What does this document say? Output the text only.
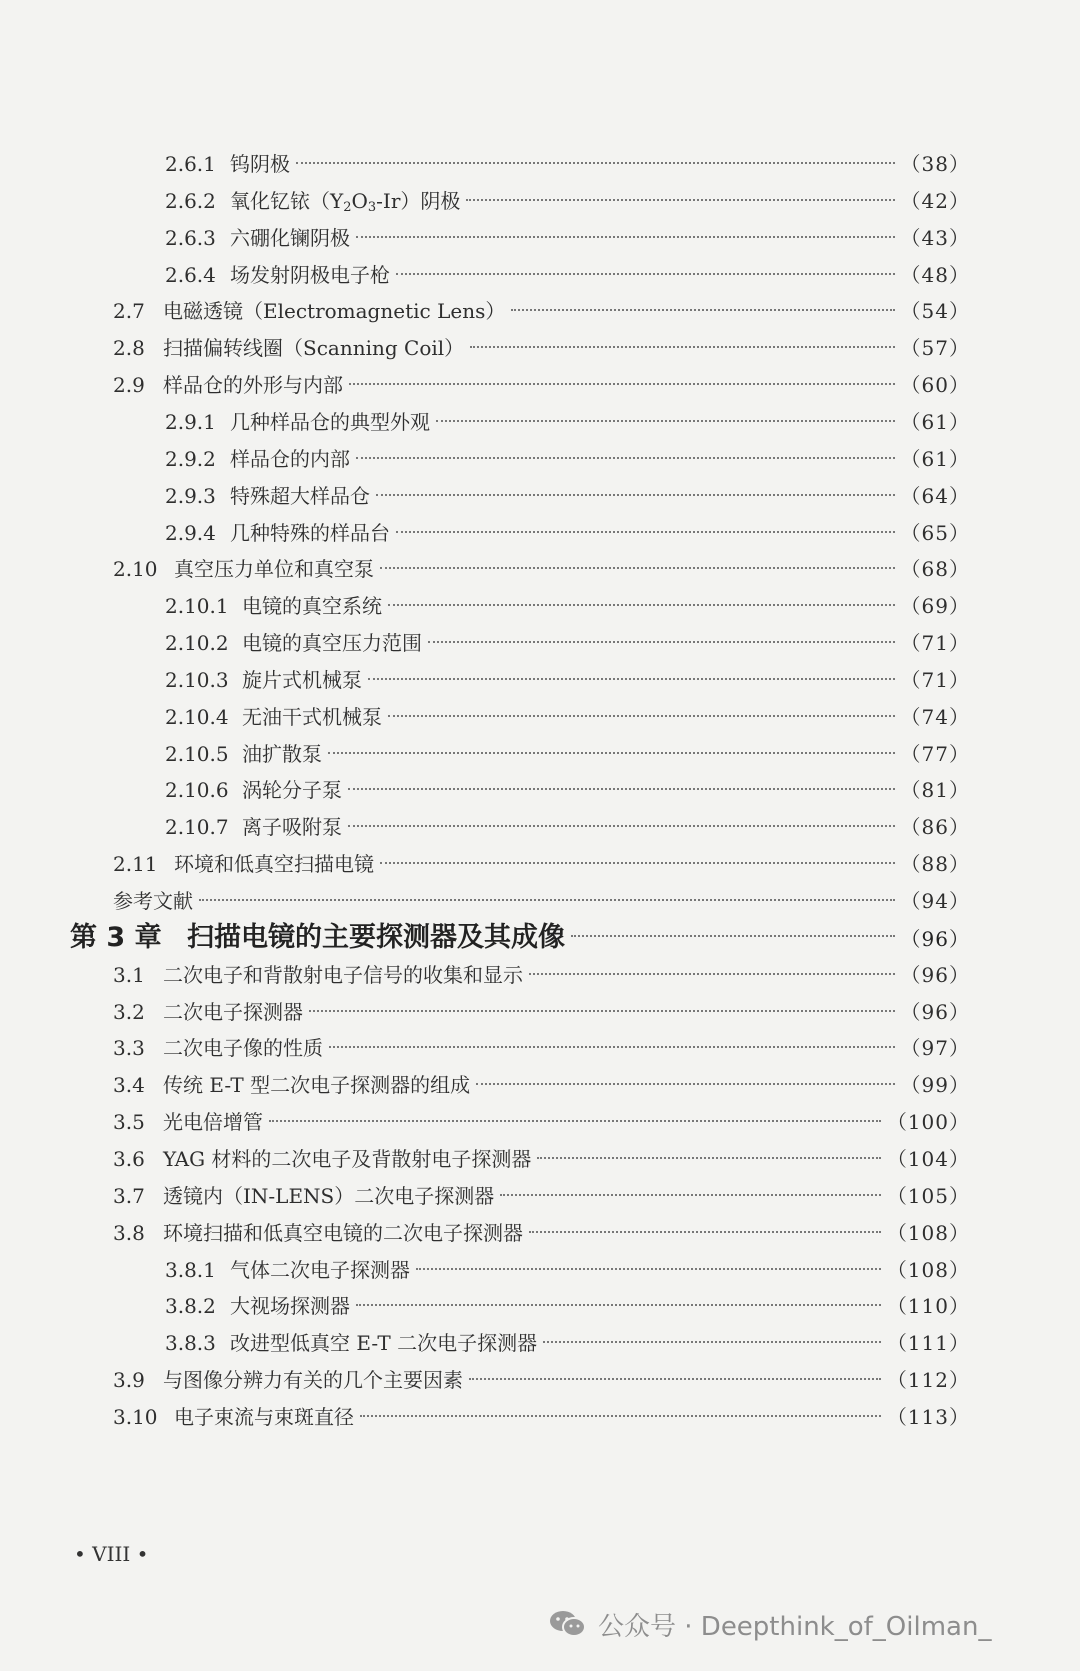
2.6.1 钨阴极	（38）
2.6.2 氧化钇铱$(Y_2O_3-Ir)$阴极	（42）
2.6.3 六硼化镧阴极	（43）
2.6.4 场发射阴极电子枪	（48）
2.7 电磁透镜（Electromagnetic Lens）	（54）
2.8 扫描偏转线圈（Scanning Coil）	（57）
2.9 样品仓的外形与内部	（60）
2.9.1 几种样品仓的典型外观	（61）
2.9.2 样品仓的内部	（61）
2.9.3 特殊超大样品仓	（64）
2.9.4 几种特殊的样品台	（65）
2.10 真空压力单位和真空泵	（68）
2.10.1 电镜的真空系统	（69）
2.10.2 电镜的真空压力范围	（71）
2.10.3 旋片式机械泵	（71）
2.10.4 无油干式机械泵	（74）
2.10.5 油扩散泵	（77）
2.10.6 涡轮分子泵	（81）
2.10.7 离子吸附泵	（86）
2.11 环境和低真空扫描电镜	（88）
参考文献	（94）
第 3 章 扫描电镜的主要探测器及其成像	（96）
3.1 二次电子和背散射电子信号的收集和显示	（96）
3.2 二次电子探测器	（96）
3.3 二次电子像的性质	（97）
3.4 传统 E-T 型二次电子探测器的组成	（99）
3.5 光电倍增管	（100）
3.6 YAG 材料的二次电子及背散射电子探测器	（104）
3.7 透镜内（IN-LENS）二次电子探测器	（105）
3.8 环境扫描和低真空电镜的二次电子探测器	（108）
3.8.1 气体二次电子探测器	（108）
3.8.2 大视场探测器	（110）
3.8.3 改进型低真空 E-T 二次电子探测器	（111）
3.9 与图像分辨力有关的几个主要因素	（112）
3.10 电子束流与束斑直径	（113）
• VIII •
公众号 · Deepthink_of_Oilman_
